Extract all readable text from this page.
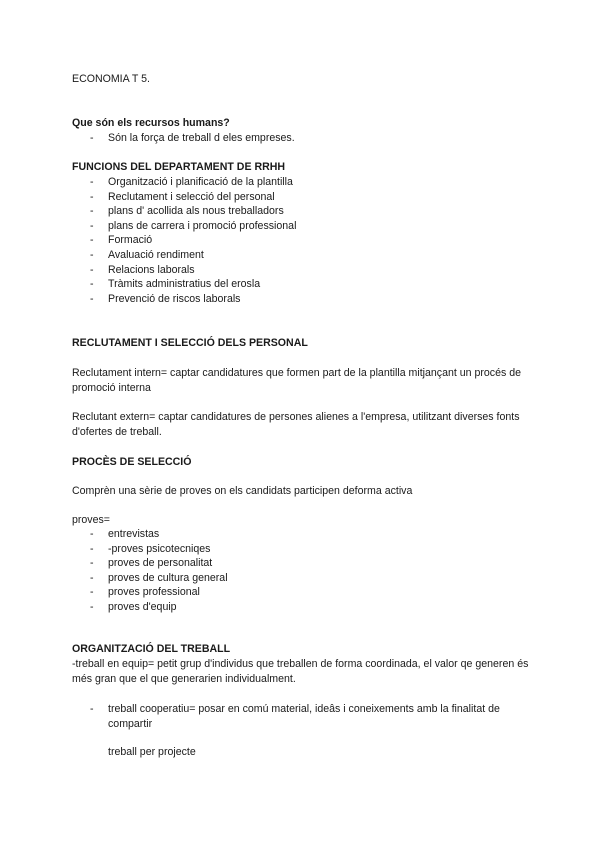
ECONOMIA T 5.
Que són els recursos humans?
- Són la força de treball d eles empreses.
FUNCIONS DEL DEPARTAMENT DE RRHH
- Organització i planificació de la plantilla
- Reclutament i selecció del personal
- plans d' acollida als nous treballadors
- plans de carrera i promoció professional
- Formació
- Avaluació rendiment
- Relacions laborals
- Tràmits administratius del erosla
- Prevenció de riscos laborals
RECLUTAMENT I SELECCIÓ DELS PERSONAL
Reclutament intern= captar candidatures que formen part de la plantilla mitjançant un procés de promoció interna
Reclutant extern= captar candidatures de persones alienes a l'empresa, utilitzant diverses fonts d'ofertes de treball.
PROCÈS DE SELECCIÓ
Comprèn una sèrie de proves on els candidats participen deforma activa
proves=
- entrevistas
- -proves psicotecniqes
- proves de personalitat
- proves de cultura general
- proves professional
- proves d'equip
ORGANITZACIÓ DEL TREBALL
-treball en equip= petit grup d'individus que treballen de forma coordinada, el valor qe generen és més gran que el que generarien individualment.
- treball cooperatiu= posar en comú material, ideâs i coneixements amb la finalitat de compartir
treball per projecte
